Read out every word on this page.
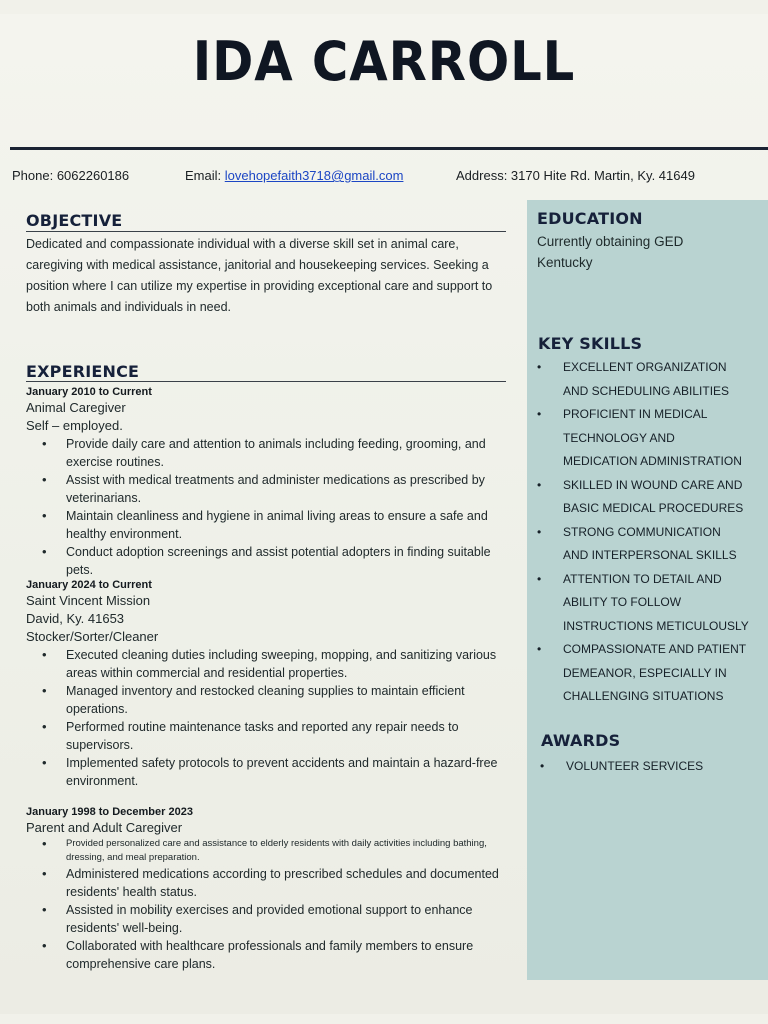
IDA CARROLL
Phone: 6062260186	Email: lovehopefaith3718@gmail.com	Address: 3170 Hite Rd. Martin, Ky. 41649
OBJECTIVE
Dedicated and compassionate individual with a diverse skill set in animal care, caregiving with medical assistance, janitorial and housekeeping services. Seeking a position where I can utilize my expertise in providing exceptional care and support to both animals and individuals in need.
EXPERIENCE
January 2010 to Current
Animal Caregiver
Self – employed.
• Provide daily care and attention to animals including feeding, grooming, and exercise routines.
• Assist with medical treatments and administer medications as prescribed by veterinarians.
• Maintain cleanliness and hygiene in animal living areas to ensure a safe and healthy environment.
• Conduct adoption screenings and assist potential adopters in finding suitable pets.
January 2024 to Current
Saint Vincent Mission
David, Ky. 41653
Stocker/Sorter/Cleaner
• Executed cleaning duties including sweeping, mopping, and sanitizing various areas within commercial and residential properties.
• Managed inventory and restocked cleaning supplies to maintain efficient operations.
• Performed routine maintenance tasks and reported any repair needs to supervisors.
• Implemented safety protocols to prevent accidents and maintain a hazard-free environment.
January 1998 to December 2023
Parent and Adult Caregiver
• Provided personalized care and assistance to elderly residents with daily activities including bathing, dressing, and meal preparation.
• Administered medications according to prescribed schedules and documented residents' health status.
• Assisted in mobility exercises and provided emotional support to enhance residents' well-being.
• Collaborated with healthcare professionals and family members to ensure comprehensive care plans.
EDUCATION
Currently obtaining GED
Kentucky
KEY SKILLS
• EXCELLENT ORGANIZATION
AND SCHEDULING ABILITIES
• PROFICIENT IN MEDICAL
TECHNOLOGY AND
MEDICATION ADMINISTRATION
• SKILLED IN WOUND CARE AND
BASIC MEDICAL PROCEDURES
• STRONG COMMUNICATION
AND INTERPERSONAL SKILLS
• ATTENTION TO DETAIL AND
ABILITY TO FOLLOW
INSTRUCTIONS METICULOUSLY
• COMPASSIONATE AND PATIENT
DEMEANOR, ESPECIALLY IN
CHALLENGING SITUATIONS
AWARDS
• VOLUNTEER SERVICES
